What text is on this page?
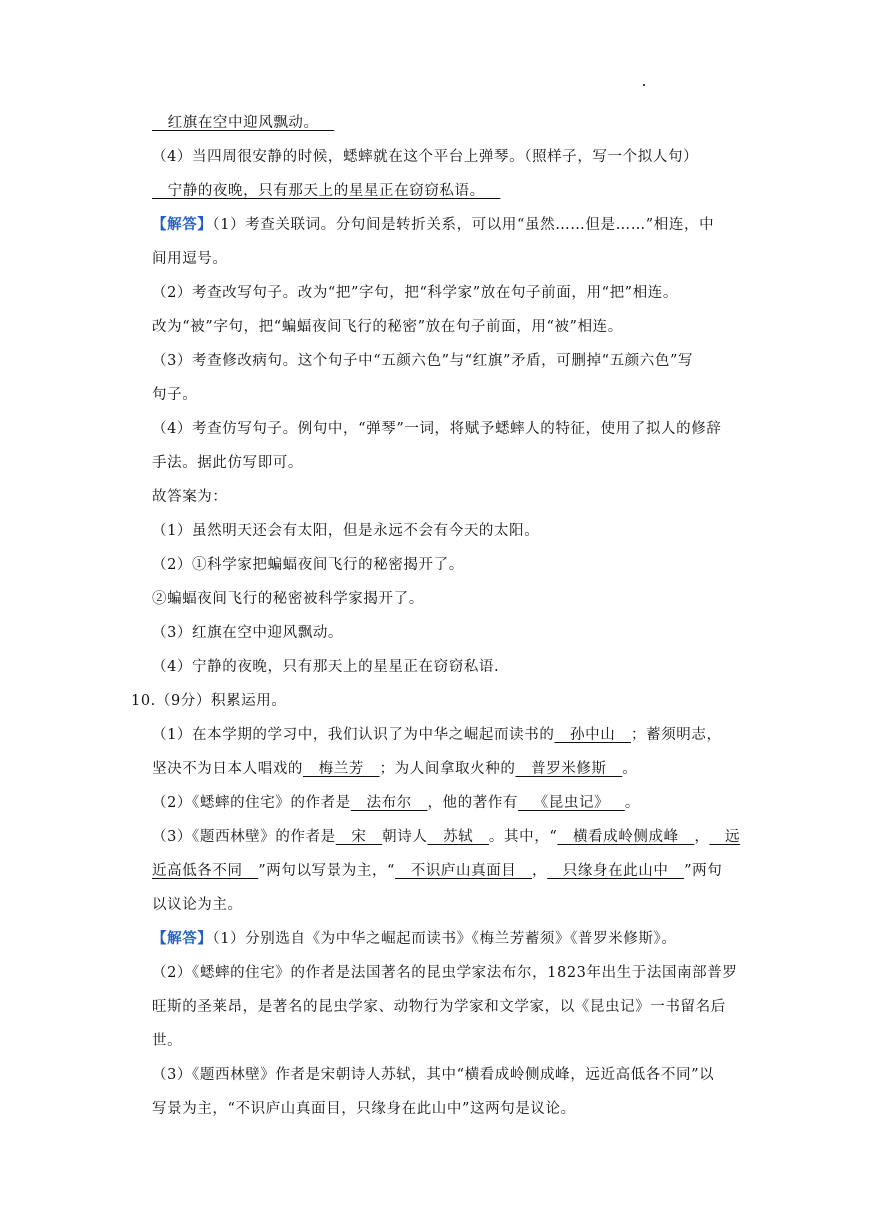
红旗在空中迎风飘动。
（4）当四周很安静的时候，蟋蟀就在这个平台上弹琴。（照样子，写一个拟人句）
宁静的夜晚，只有那天上的星星正在窃窃私语。
【解答】（1）考查关联词。分句间是转折关系，可以用“虽然……但是……”相连，中
间用逗号。
（2）考查改写句子。改为“把”字句，把“科学家”放在句子前面，用“把”相连。
改为“被”字句，把“蝙蝠夜间飞行的秘密”放在句子前面，用“被”相连。
（3）考查修改病句。这个句子中“五颜六色”与“红旗”矛盾，可删掉“五颜六色”写
句子。
（4）考查仿写句子。例句中，“弹琴”一词，将赋予蟋蟀人的特征，使用了拟人的修辞
手法。据此仿写即可。
故答案为：
（1）虽然明天还会有太阳，但是永远不会有今天的太阳。
（2）①科学家把蝙蝠夜间飞行的秘密揭开了。
②蝙蝠夜间飞行的秘密被科学家揭开了。
（3）红旗在空中迎风飘动。
（4）宁静的夜晚，只有那天上的星星正在窃窃私语.
10.（9分）积累运用。
（1）在本学期的学习中，我们认识了为中华之崛起而读书的   孙中山   ；蓄须明志，
坚决不为日本人唱戏的   梅兰芳   ；为人间拿取火种的   普罗米修斯   。
（2）《蟋蟀的住宅》的作者是   法布尔   ，他的著作有   《昆虫记》   。
（3）《题西林壁》的作者是   宋   朝诗人   苏轼   。其中，“   横看成岭侧成峰   ，   远
近高低各不同   ”两句以写景为主，“   不识庐山真面目   ，   只缘身在此山中   ”两句
以议论为主。
【解答】（1）分别选自《为中华之崛起而读书》《梅兰芳蓄须》《普罗米修斯》。
（2）《蟋蟀的住宅》的作者是法国著名的昆虫学家法布尔，1823年出生于法国南部普罗
旺斯的圣莱昂，是著名的昆虫学家、动物行为学家和文学家，以《昆虫记》一书留名后
世。
（3）《题西林壁》作者是宋朝诗人苏轼，其中“横看成岭侧成峰，远近高低各不同”以
写景为主，“不识庐山真面目，只缘身在此山中”这两句是议论。
